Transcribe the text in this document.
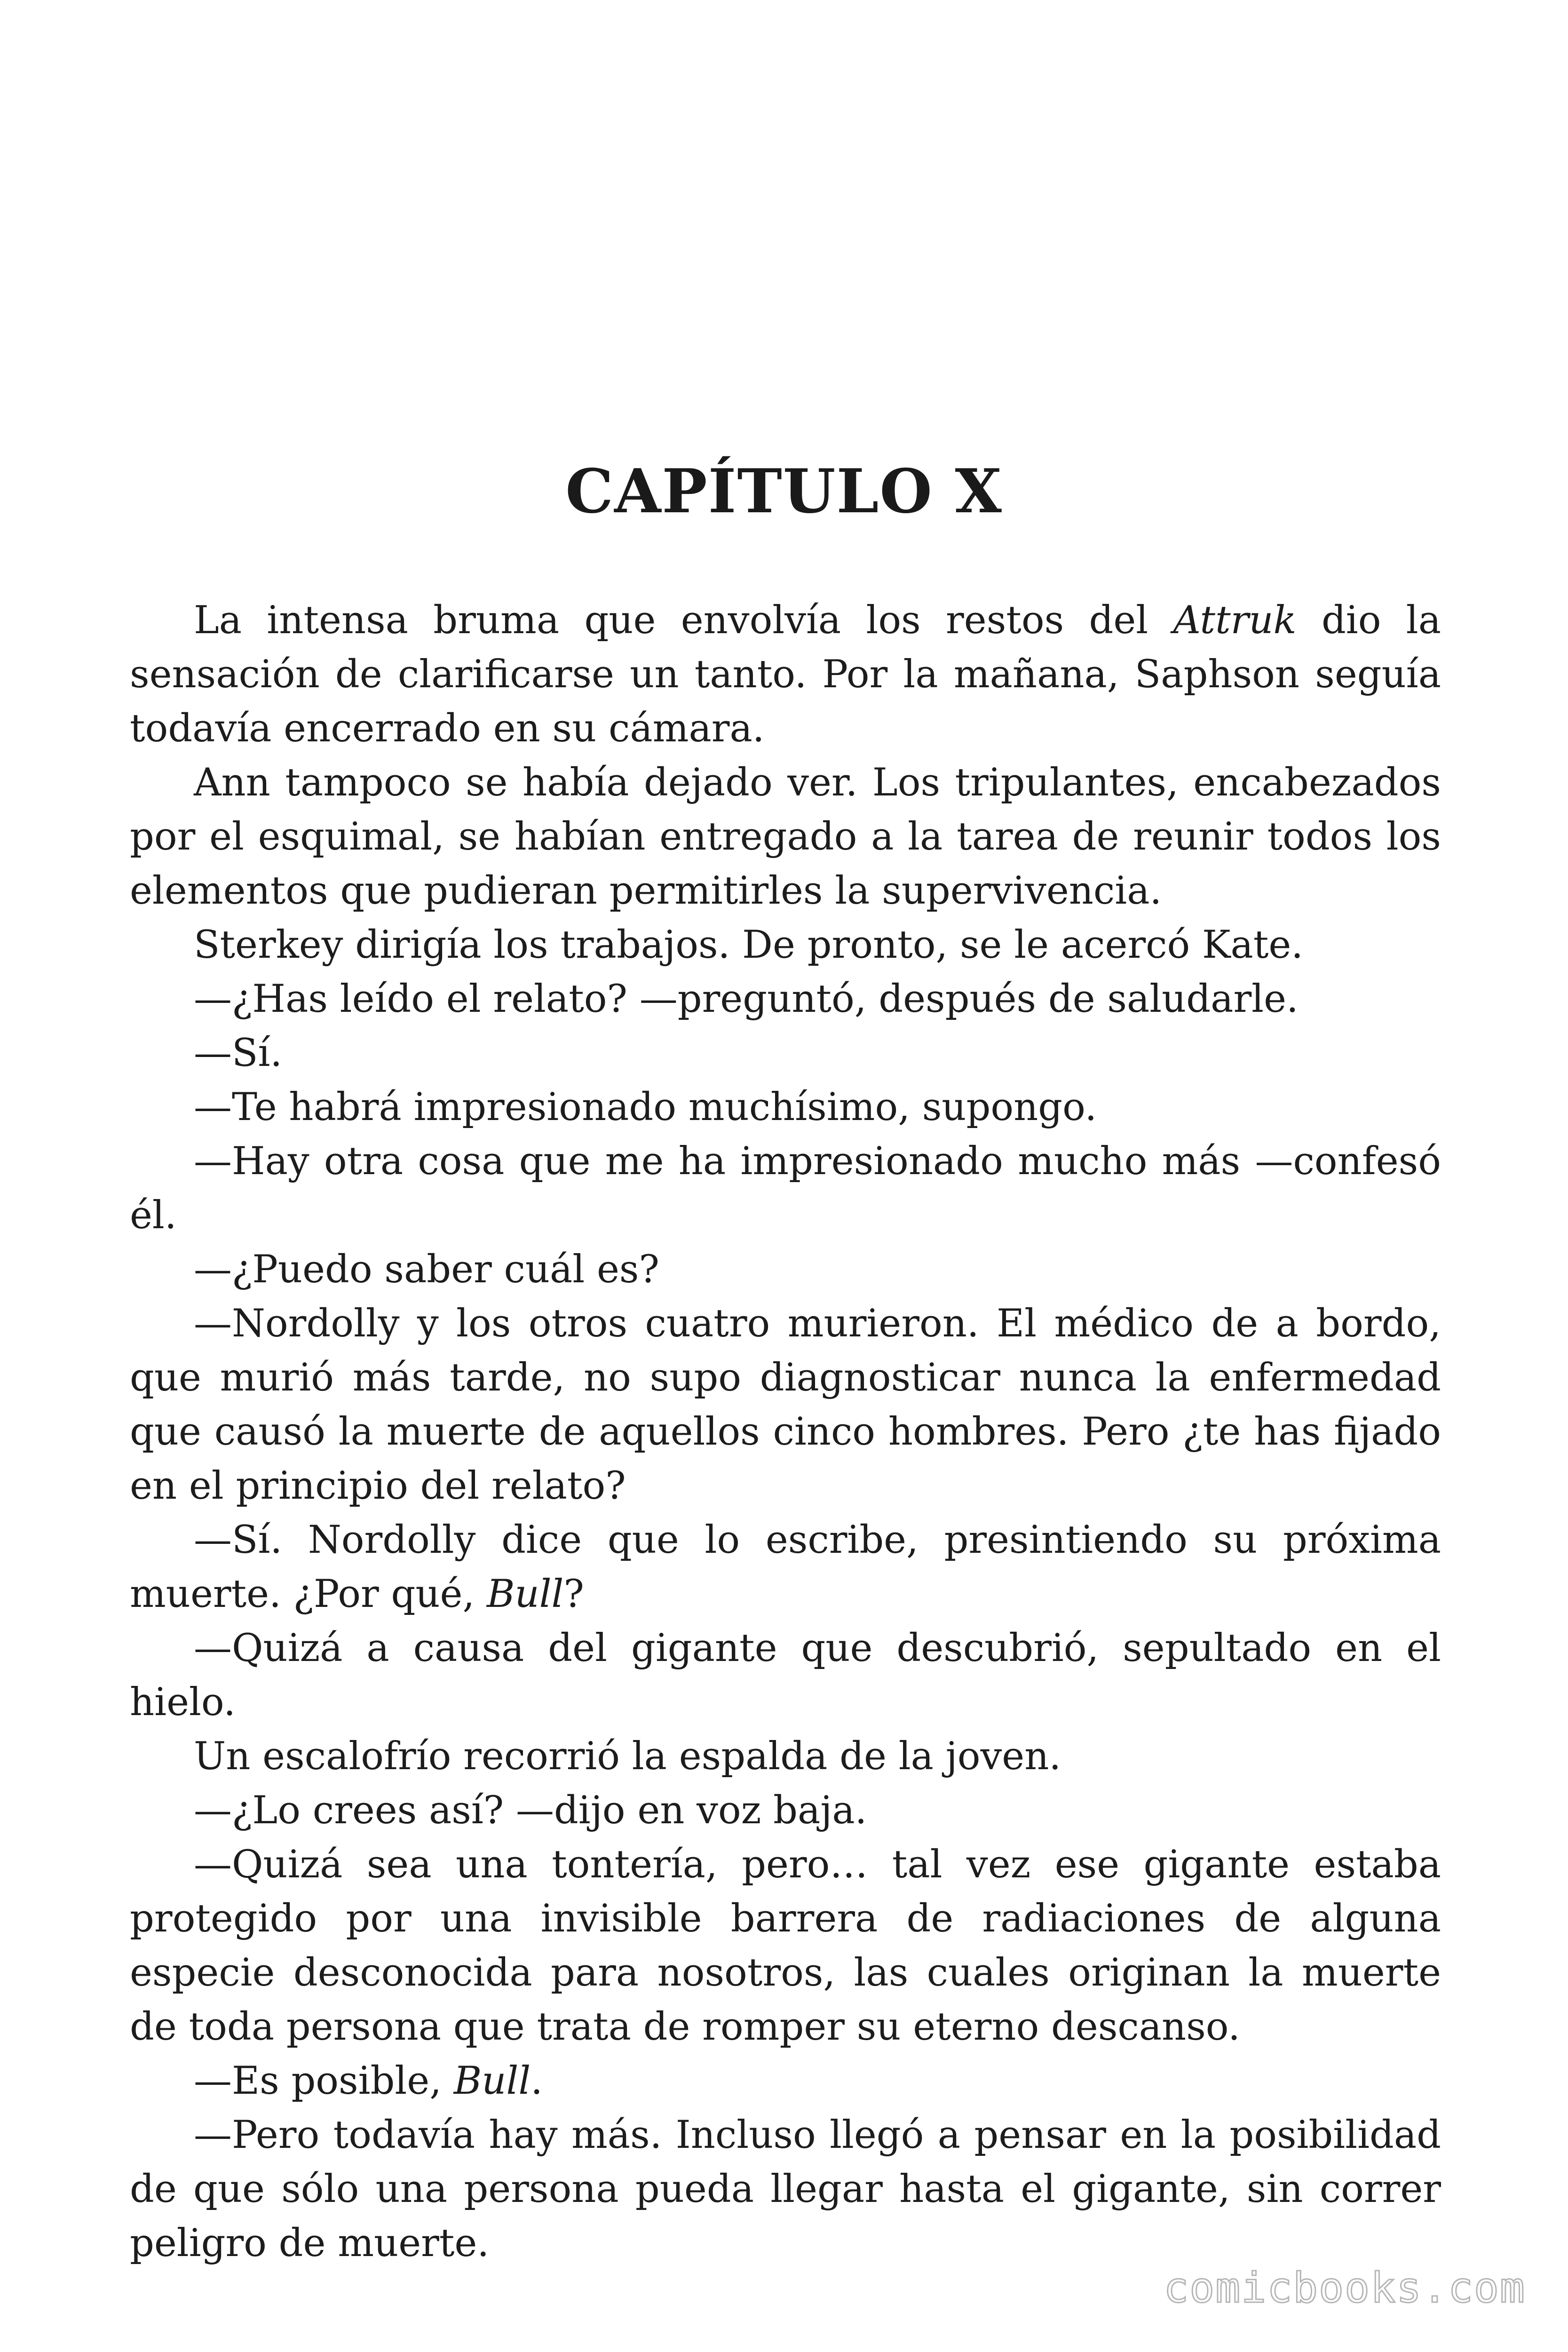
CAPÍTULO X

La intensa bruma que envolvía los restos del Attruk dio la sensación de clarificarse un tanto. Por la mañana, Saphson seguía todavía encerrado en su cámara.

Ann tampoco se había dejado ver. Los tripulantes, encabezados por el esquimal, se habían entregado a la tarea de reunir todos los elementos que pudieran permitirles la supervivencia.

Sterkey dirigía los trabajos. De pronto, se le acercó Kate.

—¿Has leído el relato? —preguntó, después de saludarle.

—Sí.

—Te habrá impresionado muchísimo, supongo.

—Hay otra cosa que me ha impresionado mucho más —confesó él.

—¿Puedo saber cuál es?

—Nordolly y los otros cuatro murieron. El médico de a bordo, que murió más tarde, no supo diagnosticar nunca la enfermedad que causó la muerte de aquellos cinco hombres. Pero ¿te has fijado en el principio del relato?

—Sí. Nordolly dice que lo escribe, presintiendo su próxima muerte. ¿Por qué, Bull?

—Quizá a causa del gigante que descubrió, sepultado en el hielo.

Un escalofrío recorrió la espalda de la joven.

—¿Lo crees así? —dijo en voz baja.

—Quizá sea una tontería, pero… tal vez ese gigante estaba protegido por una invisible barrera de radiaciones de alguna especie desconocida para nosotros, las cuales originan la muerte de toda persona que trata de romper su eterno descanso.

—Es posible, Bull.

—Pero todavía hay más. Incluso llegó a pensar en la posibilidad de que sólo una persona pueda llegar hasta el gigante, sin correr peligro de muerte.

comicbooks.com
